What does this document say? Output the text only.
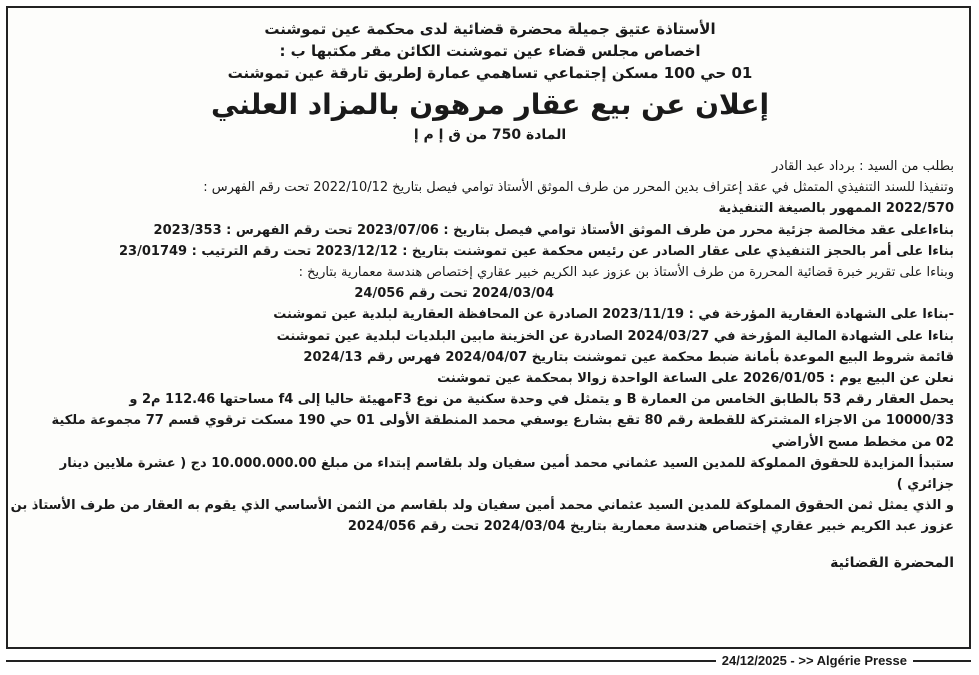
الأستاذة عتيق جميلة محضرة قضائية لدى محكمة عين تموشنت

اخصاص مجلس قضاء عين تموشنت الكائن مقر مكتبها ب :

01 حي 100 مسكن إجتماعي تساهمي عمارة Jطريق تارقة عين تموشنت

إعلان عن بيع عقار مرهون بالمزاد العلني

المادة 750 من ق إ م إ

بطلب من السيد : برداد عبد القادر

وتنفيذا للسند التنفيذي المتمثل في عقد إعتراف بدين المحرر من طرف الموثق الأستاذ توامي فيصل بتاريخ 2022/10/12 تحت رقم الفهرس :

2022/570 الممهور بالصيغة التنفيذية

بناءاعلى عقد مخالصة جزئية محرر من طرف الموثق الأستاذ توامي فيصل بتاريخ : 2023/07/06 تحت رقم الفهرس : 2023/353

بناءا على أمر بالحجز التنفيذي على عقار الصادر عن رئيس محكمة عين تموشنت بتاريخ : 2023/12/12 تحت رقم الترتيب : 23/01749

وبناءا على تقرير خبرة قضائية المحررة من طرف الأستاذ بن عزوز عبد الكريم خبير عقاري إختصاص هندسة معمارية بتاريخ :

2024/03/04 تحت رقم 24/056

-بناءا على الشهادة العقارية المؤرخة في : 2023/11/19 الصادرة عن المحافظة العقارية لبلدية عين تموشنت

بناءا على الشهادة المالية المؤرخة في 2024/03/27 الصادرة عن الخزينة مابين البلديات لبلدية عين تموشنت

قائمة شروط البيع الموعدة بأمانة ضبط محكمة عين تموشنت بتاريخ 2024/04/07 فهرس رقم 2024/13

نعلن عن البيع يوم : 2026/01/05 على الساعة الواحدة زوالا بمحكمة عين تموشنت

يحمل العقار رقم 53 بالطابق الخامس من العمارة B و يتمثل في وحدة سكنية من نوع F3مهيئة حاليا إلى f4 مساحتها 112.46 م2 و

10000/33 من الاجزاء المشتركة للقطعة رقم 80 تقع بشارع يوسفي محمد المنطقة الأولى 01 حي 190 مسكت ترقوي قسم 77 مجموعة ملكية

02 من مخطط مسح الأراضي

ستبدأ المزايدة للحقوق المملوكة للمدين السيد عثماني محمد أمين سفيان ولد بلقاسم إبتداء من مبلغ 10.000.000.00 دج ( عشرة ملايين دينار

جزائري )

و الذي يمثل ثمن الحقوق المملوكة للمدين السيد عثماني محمد أمين سفيان ولد بلقاسم من الثمن الأساسي الذي يقوم به العقار من طرف الأستاذ بن

عزوز عبد الكريم خبير عقاري إختصاص هندسة معمارية بتاريخ 2024/03/04 تحت رقم 2024/056

المحضرة القضائية

24/12/2025 - >> Algérie Presse
